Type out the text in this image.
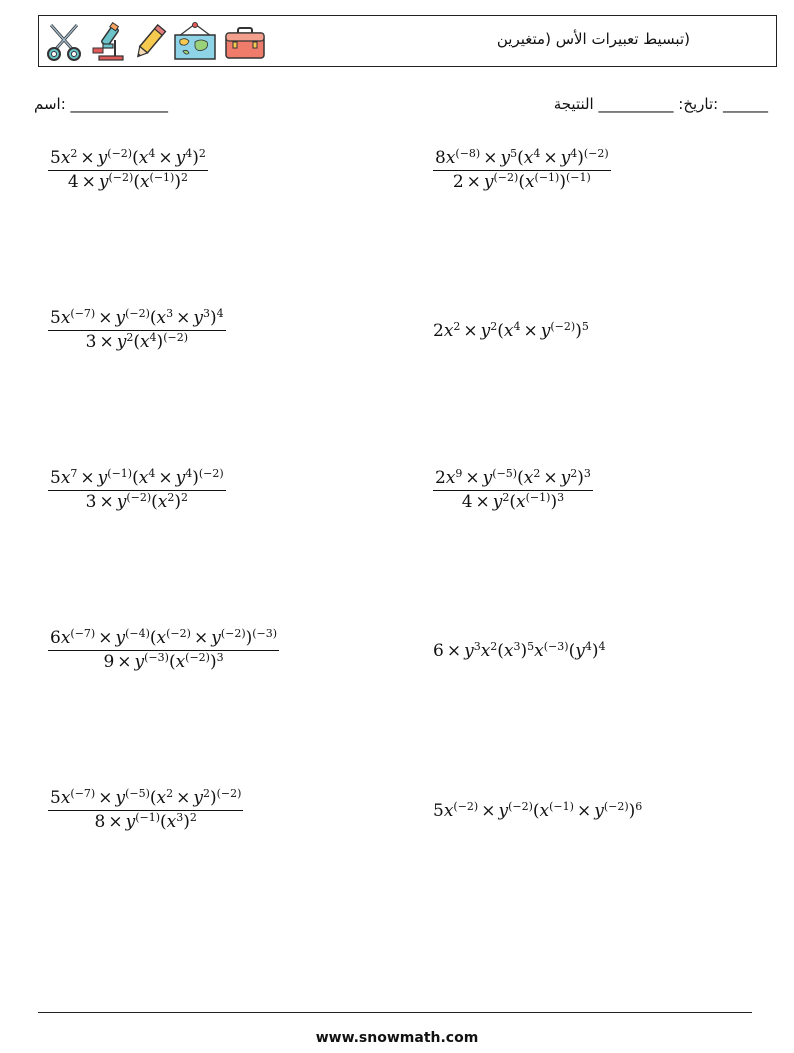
(تبسيط تعبيرات الأس (متغيرين
_____________ :اسم	______ :تاريخ: __________ النتيجة
$\frac{5x^2 \times y^{(-2)}(x^4 \times y^4)^2}{4 \times y^{(-2)}(x^{(-1)})^2}$	$\frac{8x^{(-8)} \times y^5(x^4 \times y^4)^{(-2)}}{2 \times y^{(-2)}(x^{(-1)})^{(-1)}}$
$\frac{5x^{(-7)} \times y^{(-2)}(x^3 \times y^3)^4}{3 \times y^2(x^4)^{(-2)}}$	$2x^2 \times y^2(x^4 \times y^{(-2)})^5$
$\frac{5x^7 \times y^{(-1)}(x^4 \times y^4)^{(-2)}}{3 \times y^{(-2)}(x^2)^2}$	$\frac{2x^9 \times y^{(-5)}(x^2 \times y^2)^3}{4 \times y^2(x^{(-1)})^3}$
$\frac{6x^{(-7)} \times y^{(-4)}(x^{(-2)} \times y^{(-2)})^{(-3)}}{9 \times y^{(-3)}(x^{(-2)})^3}$	$6 \times y^3x^2(x^3)^5x^{(-3)}(y^4)^4$
$\frac{5x^{(-7)} \times y^{(-5)}(x^2 \times y^2)^{(-2)}}{8 \times y^{(-1)}(x^3)^2}$	$5x^{(-2)} \times y^{(-2)}(x^{(-1)} \times y^{(-2)})^6$
www.snowmath.com
